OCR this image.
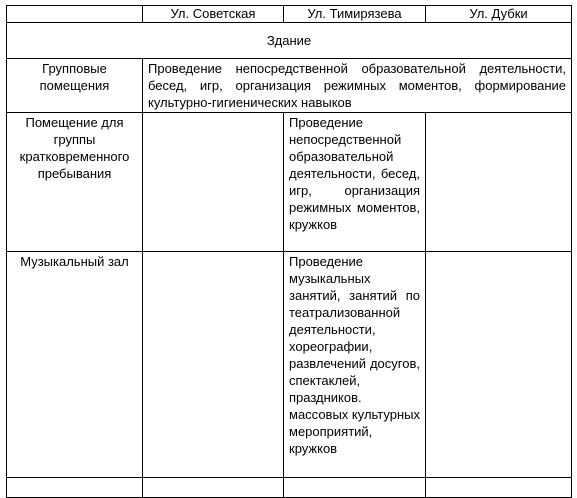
	Ул. Советская	Ул. Тимирязева	Ул. Дубки
Здание			
Групповые помещения	Проведение непосредственной образовательной деятельности, бесед, игр, организация режимных моментов, формирование культурно-гигиенических навыков		
Помещение для группы кратковременного пребывания		Проведение непосредственной образовательной деятельности, бесед, игр, организация режимных моментов, кружков	
Музыкальный зал		Проведение музыкальных занятий, занятий по театрализованной деятельности, хореографии, развлечений досугов, спектаклей, праздников. массовых культурных мероприятий, кружков	
